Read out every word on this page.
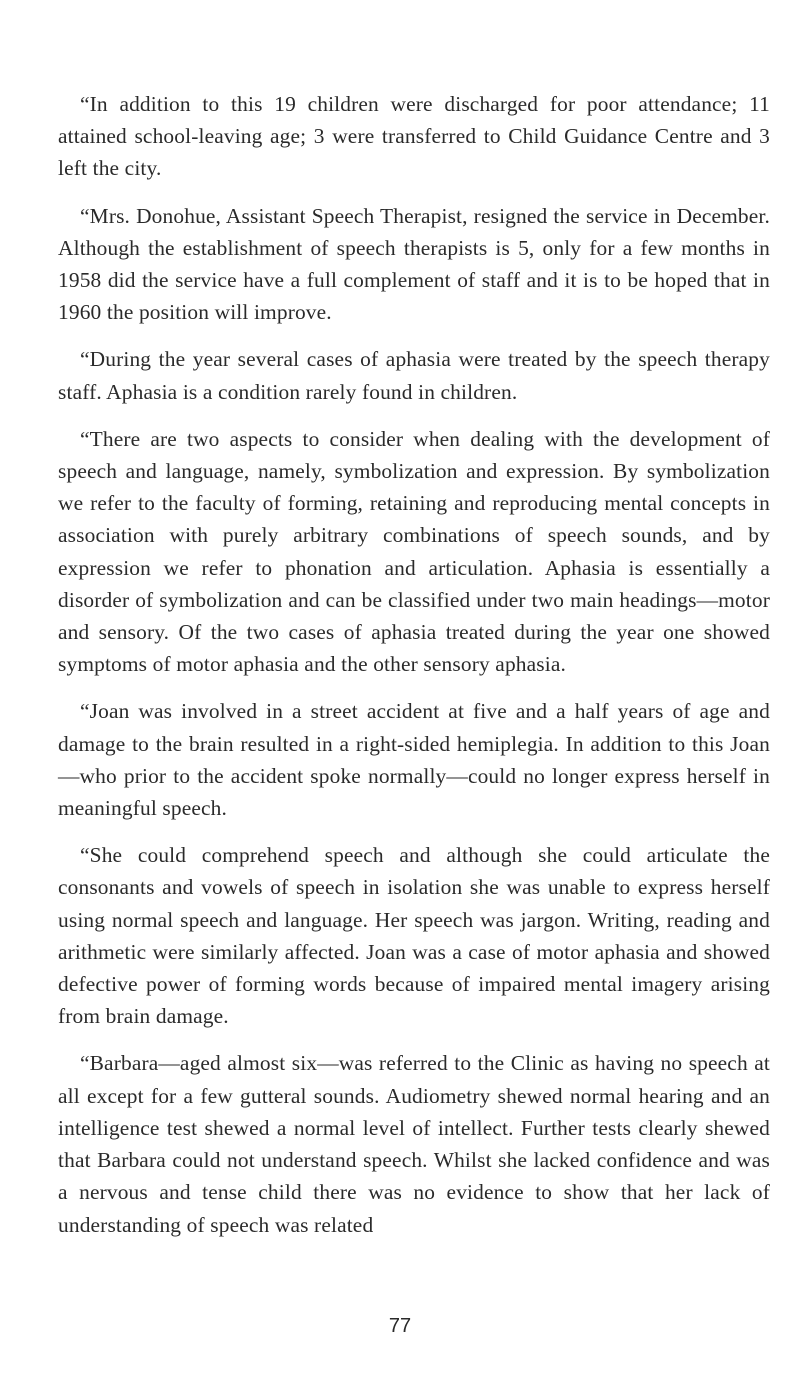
“In addition to this 19 children were discharged for poor attendance; 11 attained school-leaving age; 3 were transferred to Child Guidance Centre and 3 left the city.

“Mrs. Donohue, Assistant Speech Therapist, resigned the service in December. Although the establishment of speech therapists is 5, only for a few months in 1958 did the service have a full complement of staff and it is to be hoped that in 1960 the position will improve.

“During the year several cases of aphasia were treated by the speech therapy staff. Aphasia is a condition rarely found in children.

“There are two aspects to consider when dealing with the development of speech and language, namely, symbolization and expression. By symbolization we refer to the faculty of forming, retaining and reproducing mental concepts in association with purely arbitrary combinations of speech sounds, and by expression we refer to phonation and articulation. Aphasia is essentially a disorder of symbolization and can be classified under two main headings—motor and sensory. Of the two cases of aphasia treated during the year one showed symptoms of motor aphasia and the other sensory aphasia.

“Joan was involved in a street accident at five and a half years of age and damage to the brain resulted in a right-sided hemiplegia. In addition to this Joan—who prior to the accident spoke normally—could no longer express herself in meaningful speech.

“She could comprehend speech and although she could articulate the consonants and vowels of speech in isolation she was unable to express herself using normal speech and language. Her speech was jargon. Writing, reading and arithmetic were similarly affected. Joan was a case of motor aphasia and showed defective power of forming words because of impaired mental imagery arising from brain damage.

“Barbara—aged almost six—was referred to the Clinic as having no speech at all except for a few gutteral sounds. Audiometry shewed normal hearing and an intelligence test shewed a normal level of intellect. Further tests clearly shewed that Barbara could not understand speech. Whilst she lacked confidence and was a nervous and tense child there was no evidence to show that her lack of understanding of speech was related

77
